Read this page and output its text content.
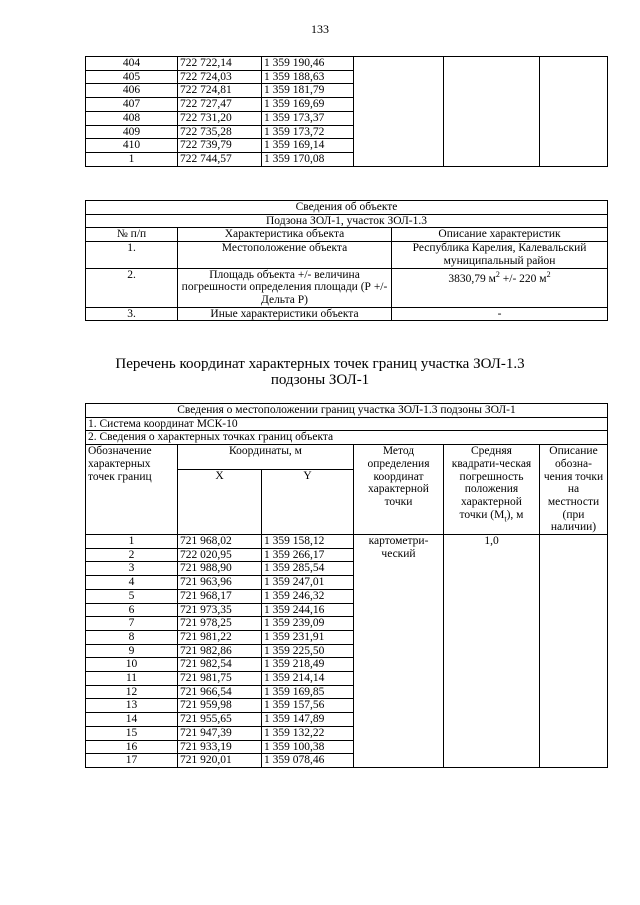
133
404	722 722,14	1 359 190,46			
405	722 724,03	1 359 188,63			
406	722 724,81	1 359 181,79			
407	722 727,47	1 359 169,69			
408	722 731,20	1 359 173,37			
409	722 735,28	1 359 173,72			
410	722 739,79	1 359 169,14			
1	722 744,57	1 359 170,08			
Сведения об объекте		
Подзона ЗОЛ-1, участок ЗОЛ-1.3		
№ п/п	Характеристика объекта	Описание характеристик
1.	Местоположение объекта	Республика Карелия, Калевальский муниципальный район
2.	Площадь объекта +/- величина погрешности определения площади (Р +/- Дельта Р)	3830,79 $м^2$ +/- 220 $м^2$
3.	Иные характеристики объекта	-
Перечень координат характерных точек границ участка ЗОЛ-1.3
подзоны ЗОЛ-1
Сведения о местоположении границ участка ЗОЛ-1.3 подзоны ЗОЛ-1					
1. Система координат МСК-10					
2. Сведения о характерных точках границ объекта					
Обозначение характерных точек границ	Координаты, м		Метод определения координат характерной точки	Средняя квадрати-ческая погрешность положения характерной точки $(M_t)$, м	Описание обозна-чения точки на местности (при наличии)
	X	Y			
1	721 968,02	1 359 158,12	картометри-ческий	1,0	
2	722 020,95	1 359 266,17			
3	721 988,90	1 359 285,54			
4	721 963,96	1 359 247,01			
5	721 968,17	1 359 246,32			
6	721 973,35	1 359 244,16			
7	721 978,25	1 359 239,09			
8	721 981,22	1 359 231,91			
9	721 982,86	1 359 225,50			
10	721 982,54	1 359 218,49			
11	721 981,75	1 359 214,14			
12	721 966,54	1 359 169,85			
13	721 959,98	1 359 157,56			
14	721 955,65	1 359 147,89			
15	721 947,39	1 359 132,22			
16	721 933,19	1 359 100,38			
17	721 920,01	1 359 078,46			
